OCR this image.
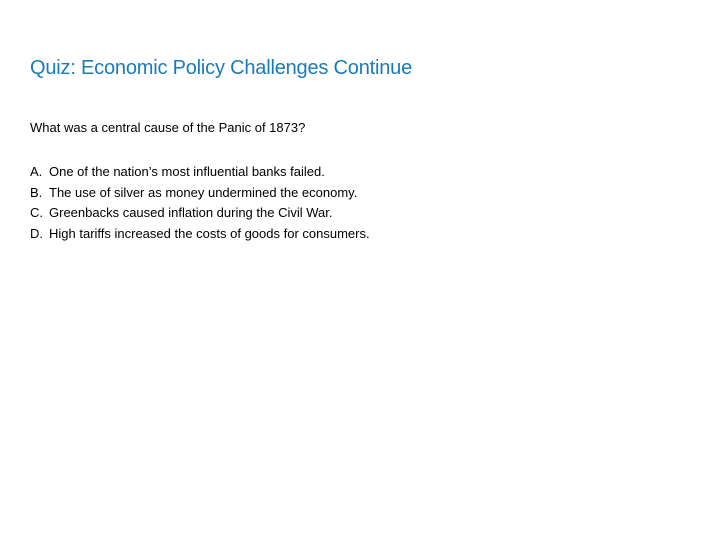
Quiz: Economic Policy Challenges Continue
What was a central cause of the Panic of 1873?
A. One of the nation’s most influential banks failed.
B. The use of silver as money undermined the economy.
C. Greenbacks caused inflation during the Civil War.
D. High tariffs increased the costs of goods for consumers.
